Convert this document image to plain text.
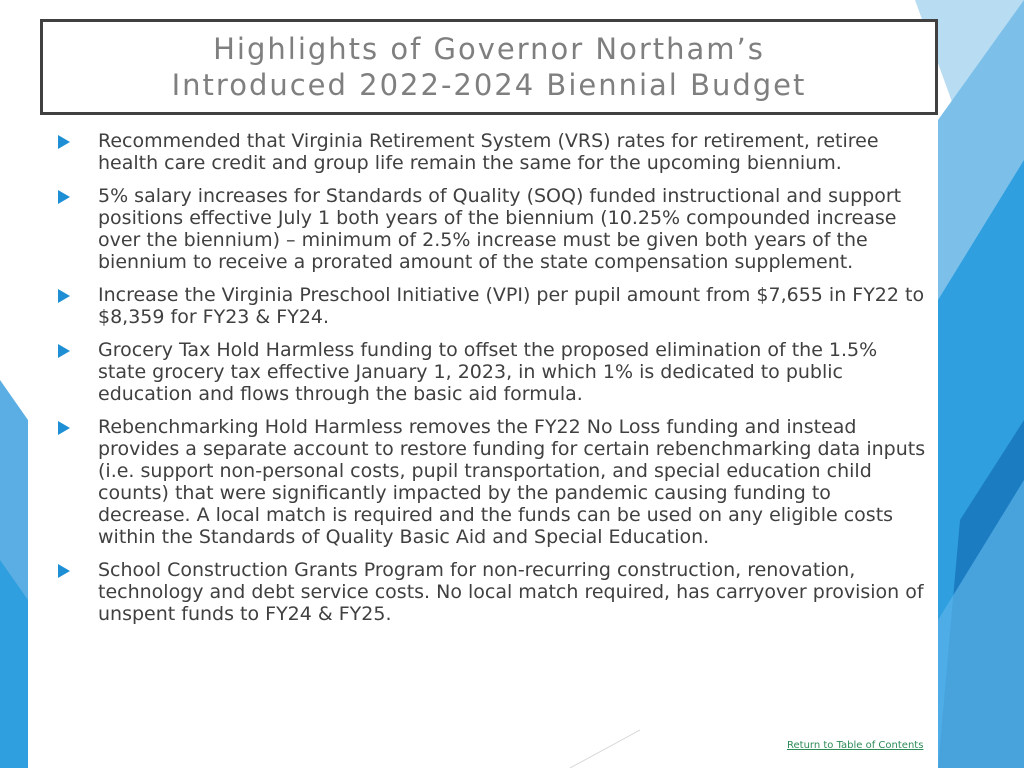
Highlights of Governor Northam’s
Introduced 2022-2024 Biennial Budget
Recommended that Virginia Retirement System (VRS) rates for retirement, retiree health care credit and group life remain the same for the upcoming biennium.
5% salary increases for Standards of Quality (SOQ) funded instructional and support positions effective July 1 both years of the biennium (10.25% compounded increase over the biennium) – minimum of 2.5% increase must be given both years of the biennium to receive a prorated amount of the state compensation supplement.
Increase the Virginia Preschool Initiative (VPI) per pupil amount from $7,655 in FY22 to $8,359 for FY23 & FY24.
Grocery Tax Hold Harmless funding to offset the proposed elimination of the 1.5% state grocery tax effective January 1, 2023, in which 1% is dedicated to public education and flows through the basic aid formula.
Rebenchmarking Hold Harmless removes the FY22 No Loss funding and instead provides a separate account to restore funding for certain rebenchmarking data inputs (i.e. support non-personal costs, pupil transportation, and special education child counts) that were significantly impacted by the pandemic causing funding to decrease. A local match is required and the funds can be used on any eligible costs within the Standards of Quality Basic Aid and Special Education.
School Construction Grants Program for non-recurring construction, renovation, technology and debt service costs. No local match required, has carryover provision of unspent funds to FY24 & FY25.
Return to Table of Contents
